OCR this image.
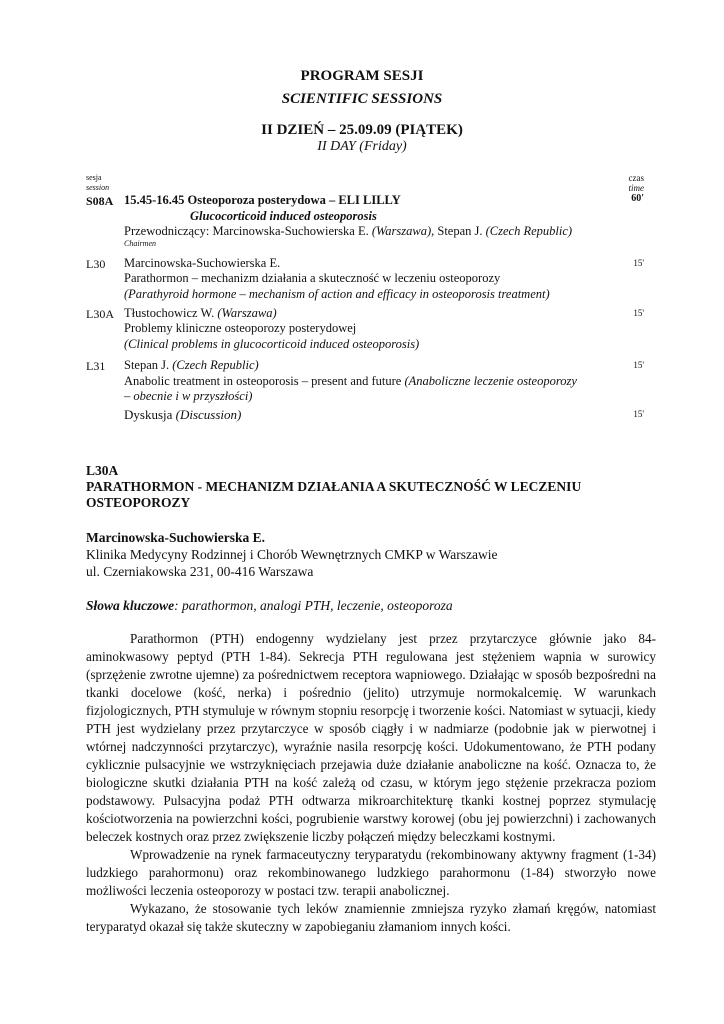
PROGRAM SESJI
SCIENTIFIC SESSIONS
II DZIEŃ – 25.09.09 (PIĄTEK)
II DAY (Friday)
sesja
session
czas
time
S08A 15.45-16.45 Osteoporoza posterydowa – ELI LILLY	60'
Glucocorticoid induced osteoporosis
Przewodniczący: Marcinowska-Suchowierska E. (Warszawa), Stepan J. (Czech Republic)
Chairmen
L30 Marcinowska-Suchowierska E.	15'
Parathormon – mechanizm działania a skuteczność w leczeniu osteoporozy
(Parathyroid hormone – mechanism of action and efficacy in osteoporosis treatment)
L30A Tłustochowicz W. (Warszawa)	15'
Problemy kliniczne osteoporozy posterydowej
(Clinical problems in glucocorticoid induced osteoporosis)
L31 Stepan J. (Czech Republic)	15'
Anabolic treatment in osteoporosis – present and future (Anaboliczne leczenie osteoporozy
– obecnie i w przyszłości)
Dyskusja (Discussion)	15'
L30A
PARATHORMON - MECHANIZM DZIAŁANIA A SKUTECZNOŚĆ W LECZENIU
OSTEOPOROZY
Marcinowska-Suchowierska E.
Klinika Medycyny Rodzinnej i Chorób Wewnętrznych CMKP w Warszawie
ul. Czerniakowska 231, 00-416 Warszawa
Słowa kluczowe: parathormon, analogi PTH, leczenie, osteoporoza

Parathormon (PTH) endogenny wydzielany jest przez przytarczyce głównie jako 84-aminokwasowy peptyd (PTH 1-84). Sekrecja PTH regulowana jest stężeniem wapnia w surowicy (sprzężenie zwrotne ujemne) za pośrednictwem receptora wapniowego. Działając w sposób bezpośredni na tkanki docelowe (kość, nerka) i pośrednio (jelito) utrzymuje normokalcemię. W warunkach fizjologicznych, PTH stymuluje w równym stopniu resorpcję i tworzenie kości. Natomiast w sytuacji, kiedy PTH jest wydzielany przez przytarczyce w sposób ciągły i w nadmiarze (podobnie jak w pierwotnej i wtórnej nadczynności przytarczyc), wyraźnie nasila resorpcję kości. Udokumentowano, że PTH podany cyklicznie pulsacyjnie we wstrzyknięciach przejawia duże działanie anaboliczne na kość. Oznacza to, że biologiczne skutki działania PTH na kość zależą od czasu, w którym jego stężenie przekracza poziom podstawowy. Pulsacyjna podaż PTH odtwarza mikroarchitekturę tkanki kostnej poprzez stymulację kościotworzenia na powierzchni kości, pogrubienie warstwy korowej (obu jej powierzchni) i zachowanych beleczek kostnych oraz przez zwiększenie liczby połączeń między beleczkami kostnymi.

Wprowadzenie na rynek farmaceutyczny teryparatydu (rekombinowany aktywny fragment (1-34) ludzkiego parahormonu) oraz rekombinowanego ludzkiego parahormonu (1-84) stworzyło nowe możliwości leczenia osteoporozy w postaci tzw. terapii anabolicznej.

Wykazano, że stosowanie tych leków znamiennie zmniejsza ryzyko złamań kręgów, natomiast teryparatyd okazał się także skuteczny w zapobieganiu złamaniom innych kości.
